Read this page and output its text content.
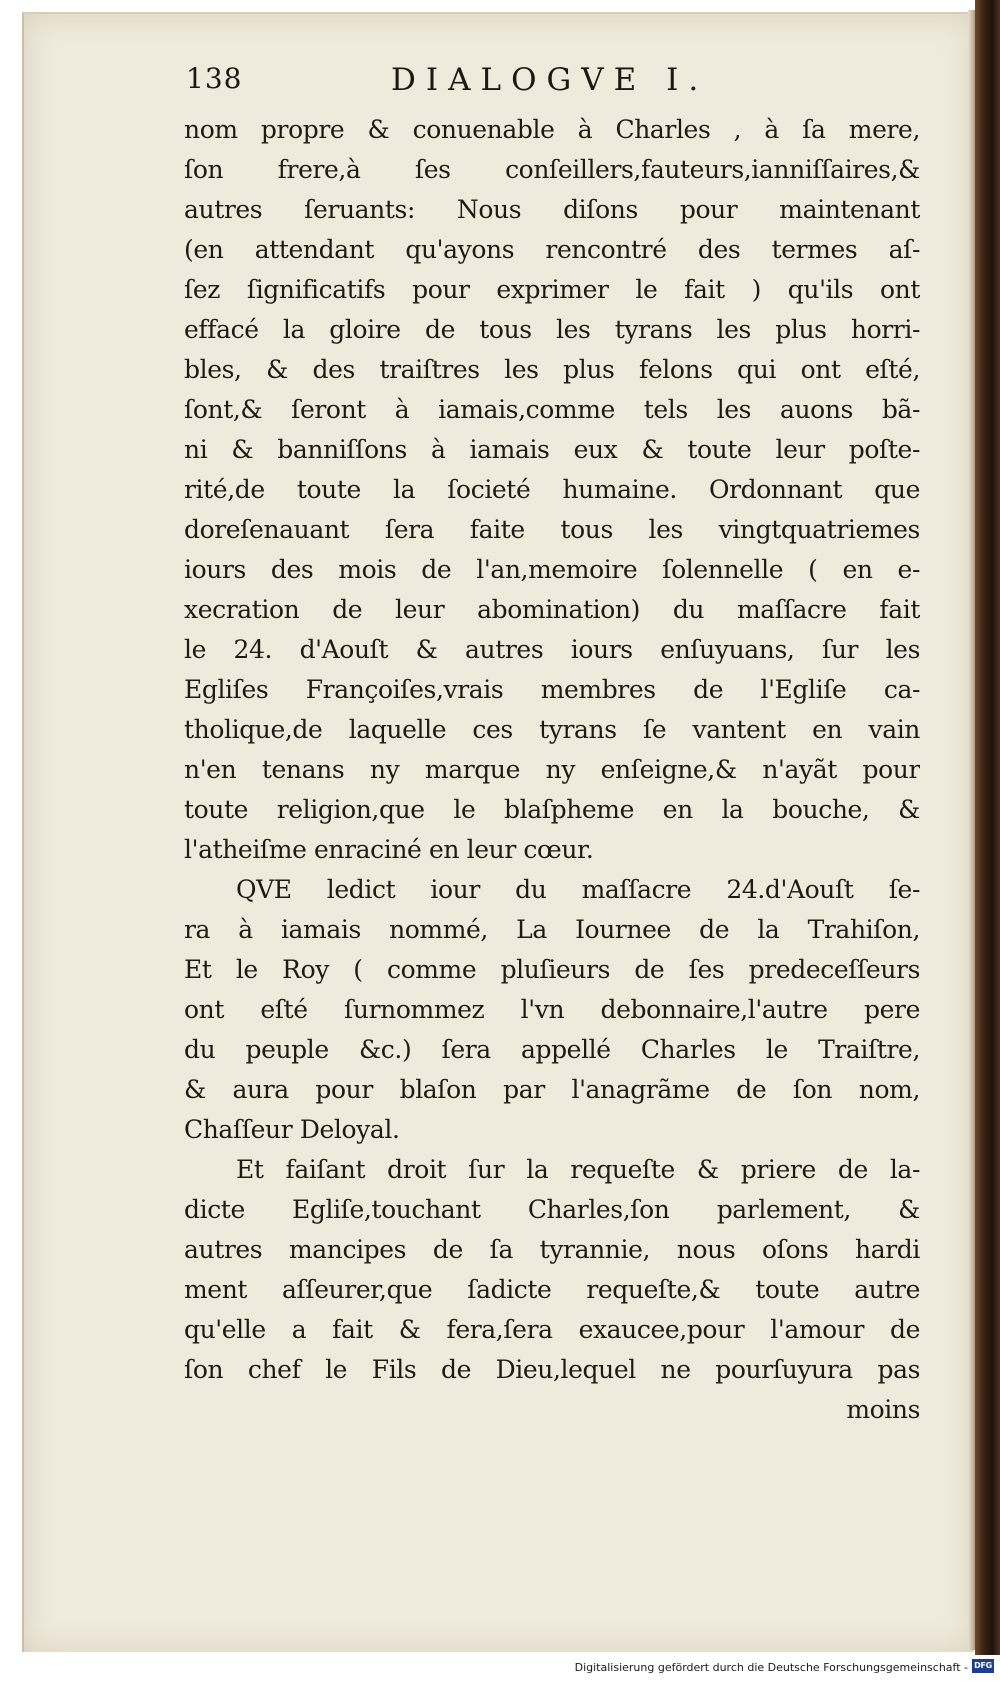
138	DIALOGVE I.
nom propre & conuenable à Charles , à ſa mere,
ſon frere,à ſes conſeillers,fauteurs,ianniſſaires,&
autres ſeruants: Nous diſons pour maintenant
(en attendant qu'ayons rencontré des termes aſ-
ſez ſignificatifs pour exprimer le fait ) qu'ils ont
effacé la gloire de tous les tyrans les plus horri-
bles, & des traiſtres les plus felons qui ont eſté,
ſont,& ſeront à iamais,comme tels les auons bã-
ni & banniſſons à iamais eux & toute leur poſte-
rité,de toute la ſocieté humaine. Ordonnant que
doreſenauant ſera faite tous les vingtquatriemes
iours des mois de l'an,memoire ſolennelle ( en e-
xecration de leur abomination) du maſſacre fait
le 24. d'Aouſt & autres iours enſuyuans, ſur les
Egliſes Françoiſes,vrais membres de l'Egliſe ca-
tholique,de laquelle ces tyrans ſe vantent en vain
n'en tenans ny marque ny enſeigne,& n'ayãt pour
toute religion,que le blaſpheme en la bouche, &
l'atheiſme enraciné en leur cœur.
QVE ledict iour du maſſacre 24.d'Aouſt ſe-
ra à iamais nommé, La Iournee de la Trahiſon,
Et le Roy ( comme pluſieurs de ſes predeceſſeurs
ont eſté ſurnommez l'vn debonnaire,l'autre pere
du peuple &c.) ſera appellé Charles le Traiſtre,
& aura pour blaſon par l'anagrãme de ſon nom,
Chaſſeur Deloyal.
Et faiſant droit ſur la requeſte & priere de la-
dicte Egliſe,touchant Charles,ſon parlement, &
autres mancipes de ſa tyrannie, nous oſons hardi
ment aſſeurer,que ſadicte requeſte,& toute autre
qu'elle a fait & fera,ſera exaucee,pour l'amour de
ſon chef le Fils de Dieu,lequel ne pourſuyura pas
moins
Digitalisierung gefördert durch die Deutsche Forschungsgemeinschaft - DFG
